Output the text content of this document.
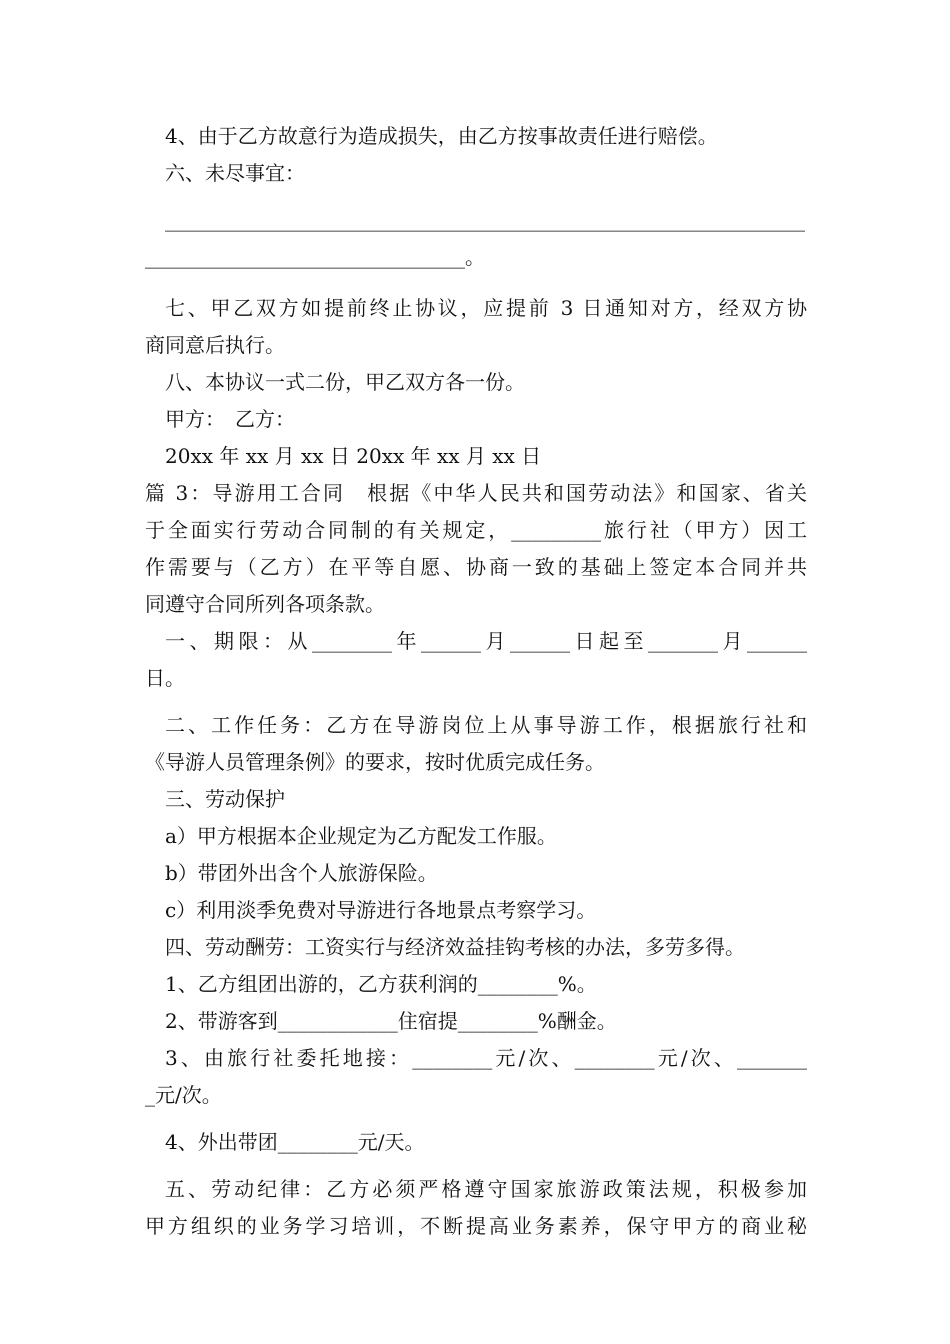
4、由于乙方故意行为造成损失，由乙方按事故责任进行赔偿。
六、未尽事宜：
________________________________________________________________
________________________________。
七、甲乙双方如提前终止协议，应提前 3 日通知对方，经双方协
商同意后执行。
八、本协议一式二份，甲乙双方各一份。
甲方：　乙方：
20xx 年 xx 月 xx 日 20xx 年 xx 月 xx 日
篇 3：导游用工合同　根据《中华人民共和国劳动法》和国家、省关
于全面实行劳动合同制的有关规定，_________旅行社（甲方）因工
作需要与（乙方）在平等自愿、协商一致的基础上签定本合同并共
同遵守合同所列各项条款。
一、期限：从________年______月______日起至_______月______
日。
二、工作任务：乙方在导游岗位上从事导游工作，根据旅行社和
《导游人员管理条例》的要求，按时优质完成任务。
三、劳动保护
a）甲方根据本企业规定为乙方配发工作服。
b）带团外出含个人旅游保险。
c）利用淡季免费对导游进行各地景点考察学习。
四、劳动酬劳：工资实行与经济效益挂钩考核的办法，多劳多得。
1、乙方组团出游的，乙方获利润的________%。
2、带游客到____________住宿提________%酬金。
3、由旅行社委托地接：________元/次、________元/次、_______
_元/次。
4、外出带团________元/天。
五、劳动纪律：乙方必须严格遵守国家旅游政策法规，积极参加
甲方组织的业务学习培训，不断提高业务素养，保守甲方的商业秘
